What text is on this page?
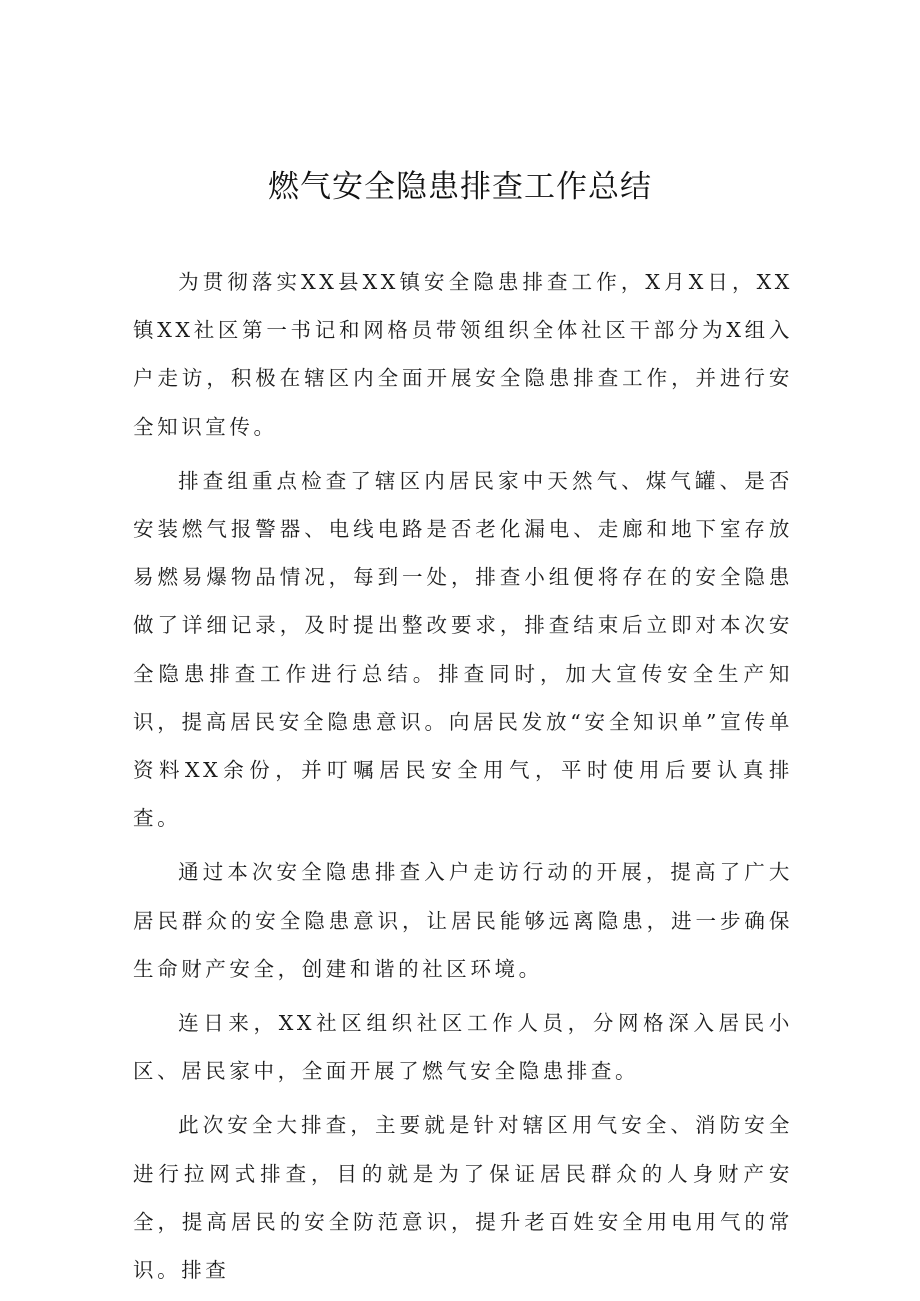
燃气安全隐患排查工作总结

为贯彻落实XX县XX镇安全隐患排查工作，X月X日，XX镇XX社区第一书记和网格员带领组织全体社区干部分为X组入户走访，积极在辖区内全面开展安全隐患排查工作，并进行安全知识宣传。

排查组重点检查了辖区内居民家中天然气、煤气罐、是否安装燃气报警器、电线电路是否老化漏电、走廊和地下室存放易燃易爆物品情况，每到一处，排查小组便将存在的安全隐患做了详细记录，及时提出整改要求，排查结束后立即对本次安全隐患排查工作进行总结。排查同时，加大宣传安全生产知识，提高居民安全隐患意识。向居民发放“安全知识单”宣传单资料XX余份，并叮嘱居民安全用气，平时使用后要认真排查。

通过本次安全隐患排查入户走访行动的开展，提高了广大居民群众的安全隐患意识，让居民能够远离隐患，进一步确保生命财产安全，创建和谐的社区环境。

连日来，XX社区组织社区工作人员，分网格深入居民小区、居民家中，全面开展了燃气安全隐患排查。

此次安全大排查，主要就是针对辖区用气安全、消防安全进行拉网式排查，目的就是为了保证居民群众的人身财产安全，提高居民的安全防范意识，提升老百姓安全用电用气的常识。排查
